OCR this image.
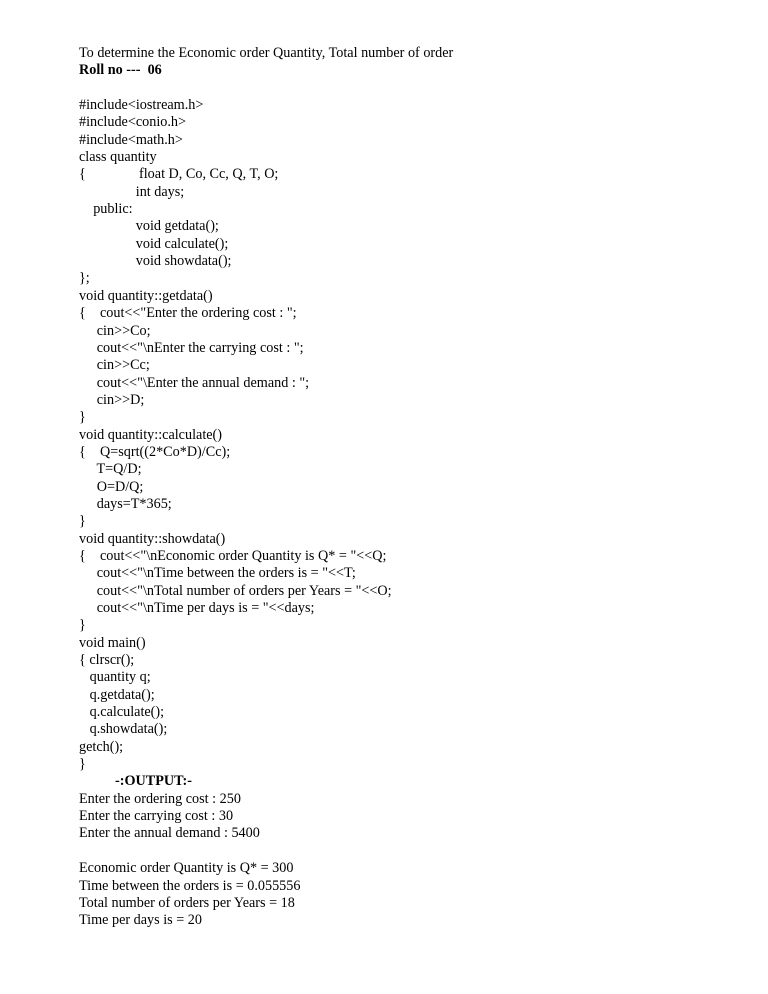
To determine the Economic order Quantity, Total number of order
Roll no ---  06
#include<iostream.h>
#include<conio.h>
#include<math.h>
class quantity
{               float D, Co, Cc, Q, T, O;
int days;
public:
void getdata();
void calculate();
void showdata();
};
void quantity::getdata()
{    cout<<"Enter the ordering cost : ";
cin>>Co;
cout<<"\nEnter the carrying cost : ";
cin>>Cc;
cout<<"\Enter the annual demand : ";
cin>>D;
}
void quantity::calculate()
{    Q=sqrt((2*Co*D)/Cc);
T=Q/D;
O=D/Q;
days=T*365;
}
void quantity::showdata()
{    cout<<"\nEconomic order Quantity is Q* = "<<Q;
cout<<"\nTime between the orders is = "<<T;
cout<<"\nTotal number of orders per Years = "<<O;
cout<<"\nTime per days is = "<<days;
}
void main()
{ clrscr();
quantity q;
q.getdata();
q.calculate();
q.showdata();
getch();
}
-:OUTPUT:-
Enter the ordering cost : 250
Enter the carrying cost : 30
Enter the annual demand : 5400
Economic order Quantity is Q* = 300
Time between the orders is = 0.055556
Total number of orders per Years = 18
Time per days is = 20
